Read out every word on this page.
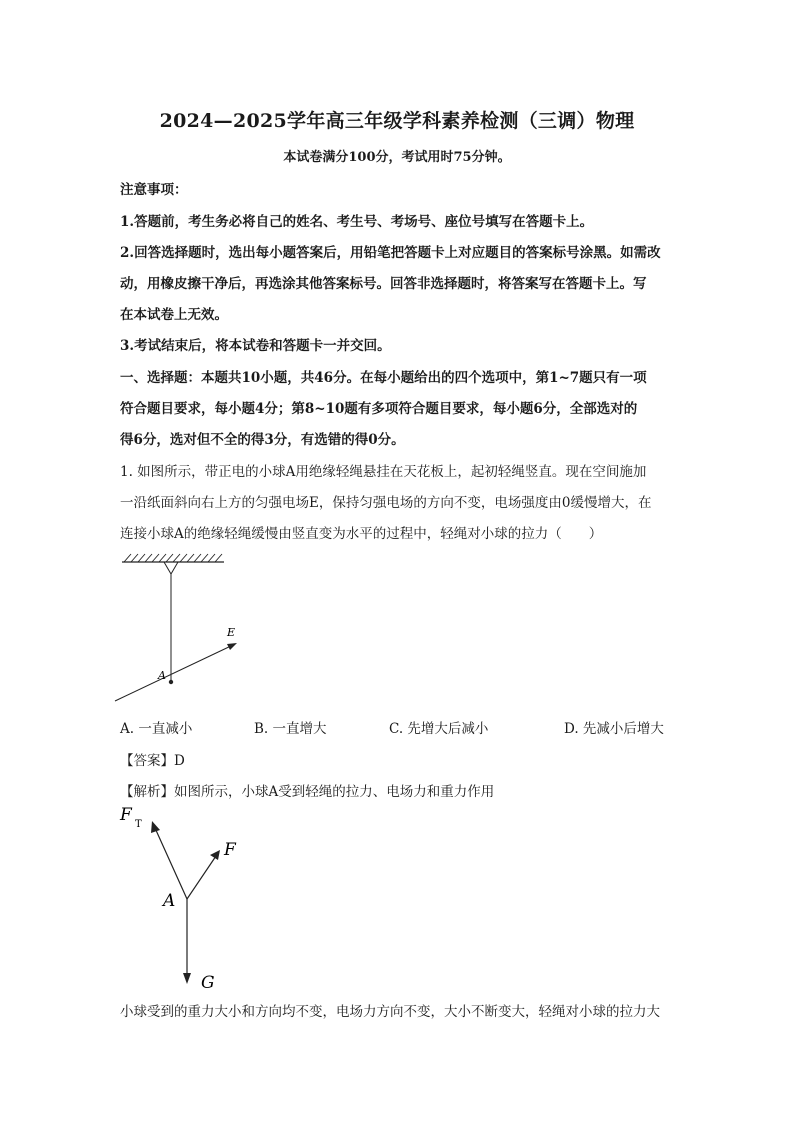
2024—2025学年高三年级学科素养检测（三调）物理
本试卷满分100分，考试用时75分钟。
注意事项：
1.答题前，考生务必将自己的姓名、考生号、考场号、座位号填写在答题卡上。
2.回答选择题时，选出每小题答案后，用铅笔把答题卡上对应题目的答案标号涂黑。如需改
动，用橡皮擦干净后，再选涂其他答案标号。回答非选择题时，将答案写在答题卡上。写
在本试卷上无效。
3.考试结束后，将本试卷和答题卡一并交回。
一、选择题：本题共10小题，共46分。在每小题给出的四个选项中，第1~7题只有一项
符合题目要求，每小题4分；第8~10题有多项符合题目要求，每小题6分，全部选对的
得6分，选对但不全的得3分，有选错的得0分。
1. 如图所示，带正电的小球A用绝缘轻绳悬挂在天花板上，起初轻绳竖直。现在空间施加
一沿纸面斜向右上方的匀强电场E，保持匀强电场的方向不变，电场强度由0缓慢增大，在
连接小球A的绝缘轻绳缓慢由竖直变为水平的过程中，轻绳对小球的拉力（　　）
E
A
A. 一直减小	B. 一直增大	C. 先增大后减小	D. 先减小后增大
【答案】D
【解析】如图所示，小球A受到轻绳的拉力、电场力和重力作用
F T
F
A
G
小球受到的重力大小和方向均不变，电场力方向不变，大小不断变大，轻绳对小球的拉力大
